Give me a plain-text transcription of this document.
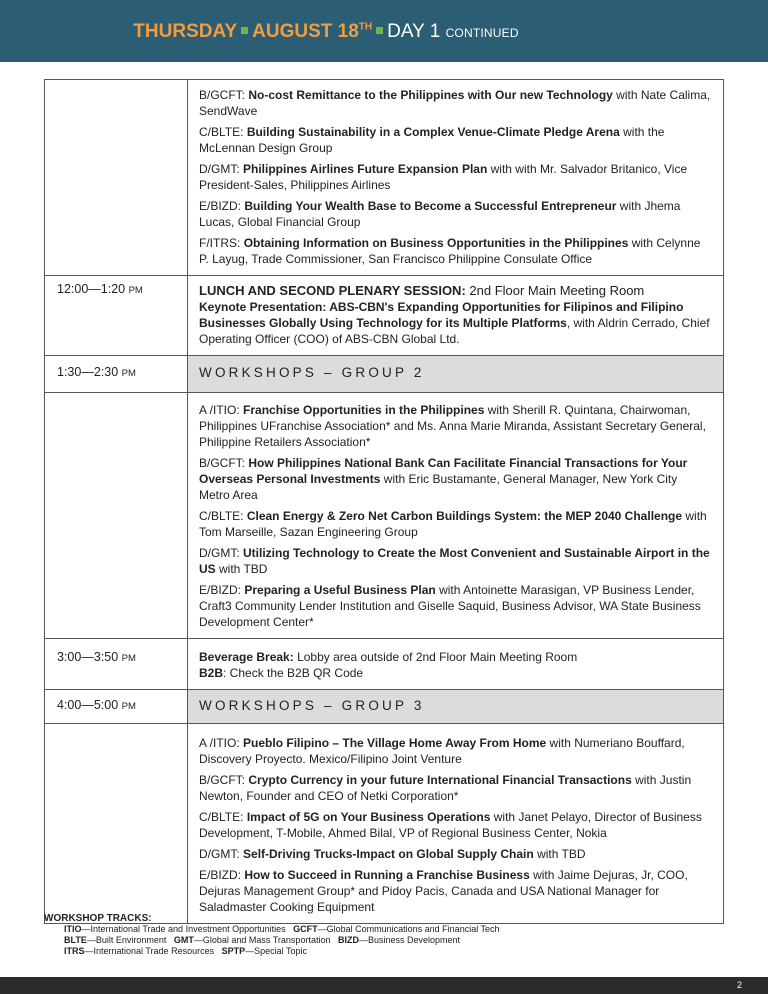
THURSDAY AUGUST 18TH DAY 1 CONTINUED
B/GCFT: No-cost Remittance to the Philippines with Our new Technology with Nate Calima, SendWave
C/BLTE: Building Sustainability in a Complex Venue-Climate Pledge Arena with the McLennan Design Group
D/GMT: Philippines Airlines Future Expansion Plan with with Mr. Salvador Britanico, Vice President-Sales, Philippines Airlines
E/BIZD: Building Your Wealth Base to Become a Successful Entrepreneur with Jhema Lucas, Global Financial Group
F/ITRS: Obtaining Information on Business Opportunities in the Philippines with Celynne P. Layug, Trade Commissioner, San Francisco Philippine Consulate Office
12:00—1:20 PM	LUNCH AND SECOND PLENARY SESSION: 2nd Floor Main Meeting Room
Keynote Presentation: ABS-CBN's Expanding Opportunities for Filipinos and Filipino Businesses Globally Using Technology for its Multiple Platforms, with Aldrin Cerrado, Chief Operating Officer (COO) of ABS-CBN Global Ltd.
1:30—2:30 PM	WORKSHOPS – GROUP 2
A /ITIO: Franchise Opportunities in the Philippines with Sherill R. Quintana, Chairwoman, Philippines UFranchise Association* and Ms. Anna Marie Miranda, Assistant Secretary General, Philippine Retailers Association*
B/GCFT: How Philippines National Bank Can Facilitate Financial Transactions for Your Overseas Personal Investments with Eric Bustamante, General Manager, New York City Metro Area
C/BLTE: Clean Energy & Zero Net Carbon Buildings System: the MEP 2040 Challenge with Tom Marseille, Sazan Engineering Group
D/GMT: Utilizing Technology to Create the Most Convenient and Sustainable Airport in the US with TBD
E/BIZD: Preparing a Useful Business Plan with Antoinette Marasigan, VP Business Lender, Craft3 Community Lender Institution and Giselle Saquid, Business Advisor, WA State Business Development Center*
3:00—3:50 PM	Beverage Break: Lobby area outside of 2nd Floor Main Meeting Room
B2B: Check the B2B QR Code
4:00—5:00 PM	WORKSHOPS – GROUP 3
A /ITIO: Pueblo Filipino – The Village Home Away From Home with Numeriano Bouffard, Discovery Proyecto. Mexico/Filipino Joint Venture
B/GCFT: Crypto Currency in your future International Financial Transactions with Justin Newton, Founder and CEO of Netki Corporation*
C/BLTE: Impact of 5G on Your Business Operations with Janet Pelayo, Director of Business Development, T-Mobile, Ahmed Bilal, VP of Regional Business Center, Nokia
D/GMT: Self-Driving Trucks-Impact on Global Supply Chain with TBD
E/BIZD: How to Succeed in Running a Franchise Business with Jaime Dejuras, Jr, COO, Dejuras Management Group* and Pidoy Pacis, Canada and USA National Manager for Saladmaster Cooking Equipment
WORKSHOP TRACKS:
ITIO—International Trade and Investment Opportunities   GCFT—Global Communications and Financial Tech
BLTE—Built Environment   GMT—Global and Mass Transportation   BIZD—Business Development
ITRS—International Trade Resources   SPTP—Special Topic
2
